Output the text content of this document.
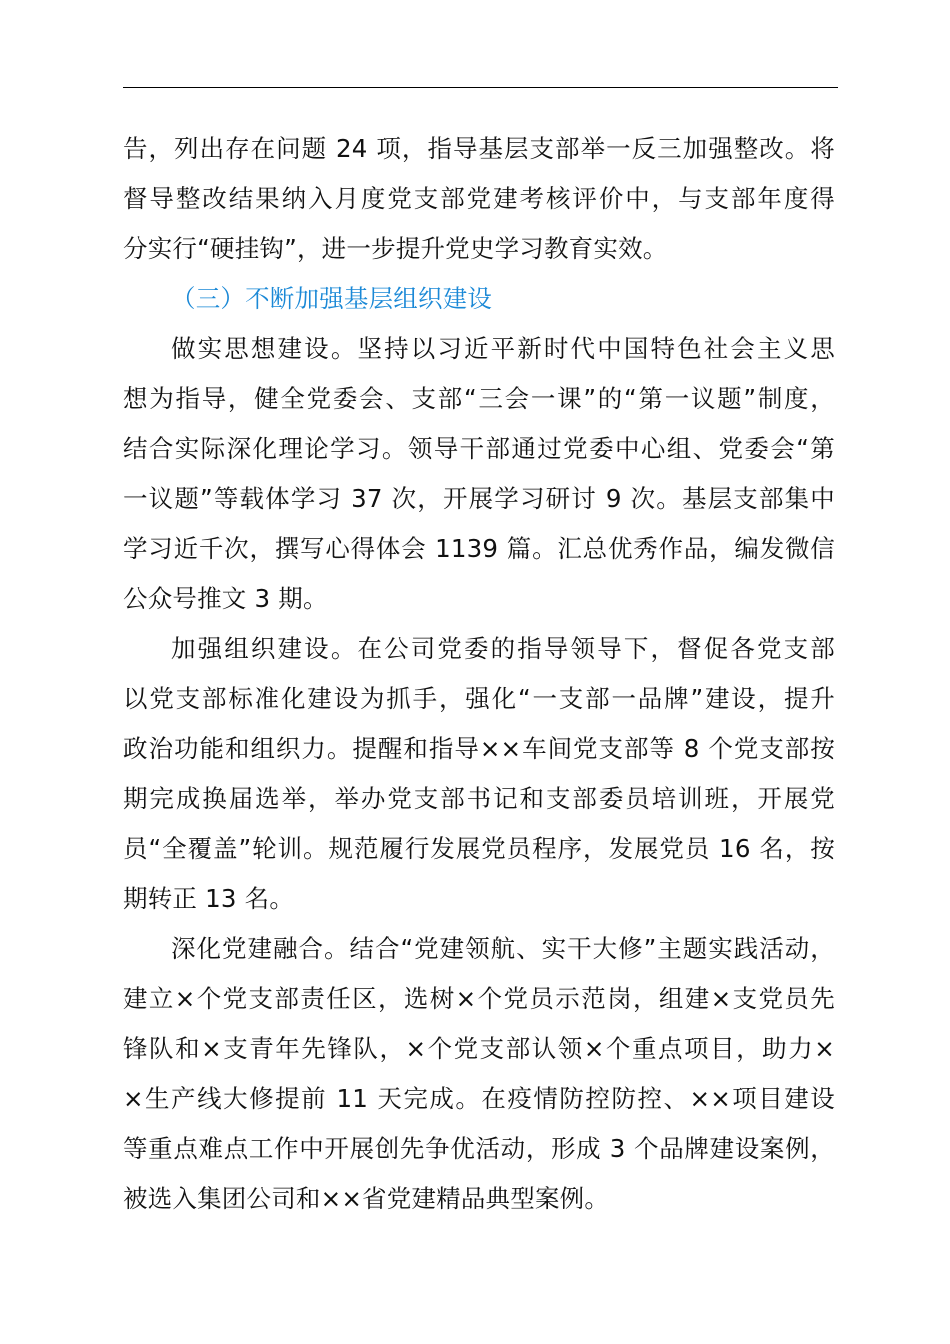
告，列出存在问题 24 项，指导基层支部举一反三加强整改。将
督导整改结果纳入月度党支部党建考核评价中，与支部年度得
分实行“硬挂钩”，进一步提升党史学习教育实效。
（三）不断加强基层组织建设
做实思想建设。坚持以习近平新时代中国特色社会主义思
想为指导，健全党委会、支部“三会一课”的“第一议题”制度，
结合实际深化理论学习。领导干部通过党委中心组、党委会“第
一议题”等载体学习 37 次，开展学习研讨 9 次。基层支部集中
学习近千次，撰写心得体会 1139 篇。汇总优秀作品，编发微信
公众号推文 3 期。
加强组织建设。在公司党委的指导领导下，督促各党支部
以党支部标准化建设为抓手，强化“一支部一品牌”建设，提升
政治功能和组织力。提醒和指导××车间党支部等 8 个党支部按
期完成换届选举，举办党支部书记和支部委员培训班，开展党
员“全覆盖”轮训。规范履行发展党员程序，发展党员 16 名，按
期转正 13 名。
深化党建融合。结合“党建领航、实干大修”主题实践活动，
建立×个党支部责任区，选树×个党员示范岗，组建×支党员先
锋队和×支青年先锋队，×个党支部认领×个重点项目，助力×
×生产线大修提前 11 天完成。在疫情防控防控、××项目建设
等重点难点工作中开展创先争优活动，形成 3 个品牌建设案例，
被选入集团公司和××省党建精品典型案例。
